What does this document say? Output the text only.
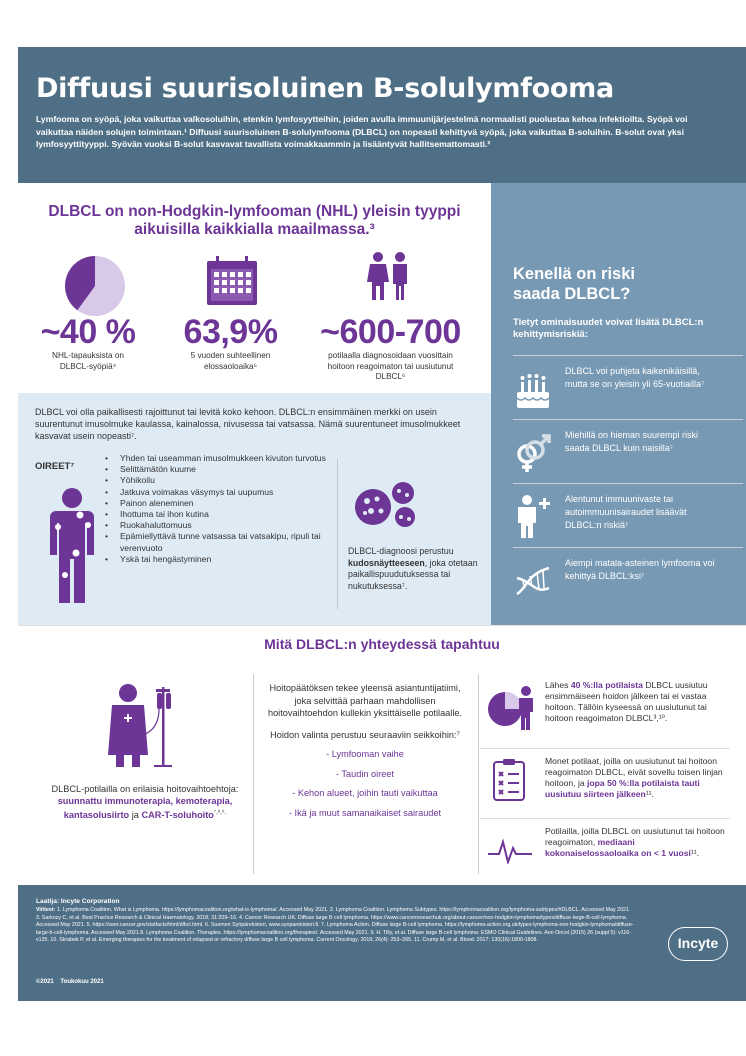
Diffuusi suurisoluinen B-solulymfooma

Lymfooma on syöpä, joka vaikuttaa valkosoluihin, etenkin lymfosyytteihin, joiden avulla immuunijärjestelmä normaalisti puolustaa kehoa infektioilta. Syöpä voi vaikuttaa näiden solujen toimintaan.¹ Diffuusi suurisoluinen B-solulymfooma (DLBCL) on nopeasti kehittyvä syöpä, joka vaikuttaa B-soluihin. B-solut ovat yksi lymfosyyttityyppi. Syövän vuoksi B-solut kasvavat tavallista voimakkaammin ja lisääntyvät hallitsemattomasti.²

DLBCL on non-Hodgkin-lymfooman (NHL) yleisin tyyppi aikuisilla kaikkialla maailmassa.³
~40 %
NHL-tapauksista on DLBCL-syöpiä⁴
63,9%
5 vuoden suhteellinen elossaoloaika⁵
~600-700
potilaalla diagnosoidaan vuosittain hoitoon reagoimaton tai uusiutunut DLBCL⁶
Kenellä on riski saada DLBCL?
Tietyt ominaisuudet voivat lisätä DLBCL:n kehittymisriskiä:
DLBCL voi puhjeta kaikenikäisillä, mutta se on yleisin yli 65-vuotiailla⁷
Miehillä on hieman suurempi riski saada DLBCL kuin naisilla⁷
Alentunut immuunivaste tai autoimmuunisairaudet lisäävät DLBCL:n riskiä⁷
Aiempi matala-asteinen lymfooma voi kehittyä DLBCL:ksi⁷
DLBCL voi olla paikallisesti rajoittunut tai levitä koko kehoon. DLBCL:n ensimmäinen merkki on usein suurentunut imusolmuke kaulassa, kainalossa, nivusessa tai vatsassa. Nämä suurentuneet imusolmukkeet kasvavat usein nopeasti⁷.
OIREET⁷
• Yhden tai useamman imusolmukkeen kivuton turvotus
• Selittämätön kuume
• Yöhikoilu
• Jatkuva voimakas väsymys tai uupumus
• Painon aleneminen
• Ihottuma tai ihon kutina
• Ruokahaluttomuus
• Epämiellyttävä tunne vatsassa tai vatsakipu, ripuli tai verenvuoto
• Yskä tai hengästyminen
DLBCL-diagnoosi perustuu kudosnäytteeseen, joka otetaan paikallispuudutuksessa tai nukutuksessa⁷.
Mitä DLBCL:n yhteydessä tapahtuu
DLBCL-potilailla on erilaisia hoitovaihtoehtoja:
suunnattu immunoterapia, kemoterapia, kantasolusiirto ja CAR-T-soluhoito$^{^7,^8,^9.}$
Hoitopäätöksen tekee yleensä asiantuntijatiimi, joka selvittää parhaan mahdollisen hoitovaihtoehdon kullekin yksittäiselle potilaalle.
Hoidon valinta perustuu seuraaviin seikkoihin:⁷
- Lymfooman vaihe
- Taudin oireet
- Kehon alueet, joihin tauti vaikuttaa
- Ikä ja muut samanaikaiset sairaudet
Lähes 40 %:lla potilaista DLBCL uusiutuu ensimmäiseen hoidon jälkeen tai ei vastaa hoitoon. Tällöin kyseessä on uusiutunut tai hoitoon reagoimaton DLBCL³,¹⁰.
Monet potilaat, joilla on uusiutunut tai hoitoon reagoimaton DLBCL, eivät sovellu toisen linjan hoitoon, ja jopa 50 %:lla potilaista tauti uusiutuu siirteen jälkeen¹¹.
Potilailla, joilla DLBCL on uusiutunut tai hoitoon reagoimaton, mediaani kokonaiselossaoloaika on < 1 vuosi¹¹.
Laatija: Incyte Corporation
Viitteet: 1. Lymphoma Coalition. What is Lymphoma. https://lymphomacoalition.org/what-is-lymphoma/. Accessed May 2021. 2. Lymphoma Coalition. Lymphoma Subtypes. https://lymphomacoalition.org/lymphoma-subtypes/#DLBCL. Accessed May 2021. 3. Sarkozy C, et al. Best Practice Research & Clinical Haematology. 2018; 31:209–16. 4. Cancer Research UK. Diffuse large B cell lymphoma. https://www.cancerresearchuk.org/about-cancer/non-hodgkin-lymphoma/types/diffuse-large-B-cell-lymphoma. Accessed May 2021. 5. https://seer.cancer.gov/statfacts/html/dlbcl.html. 6. Suomen Syöpärekisteri, www.syoparekisteri.fi. 7. Lymphoma Action. Diffuse large B-cell lymphoma. https://lymphoma-action.org.uk/types-lymphoma-non-hodgkin-lymphoma/diffuse-large-b-cell-lymphoma. Accessed May 2021.8. Lymphoma Coalition. Therapies. https://lymphomacoalition.org/therapies/. Accessed May 2021. 9. H. Tilly, et al. Diffuse large B-cell lymphoma: ESMO Clinical Guidelines. Ann Oncol (2015) 26 (suppl 5): v116-v125. 10. Skrabek P, et al. Emerging therapies for the treatment of relapsed or refractory diffuse large B cell lymphoma. Current Oncology. 2019; 26(4): 253–265. 11. Crump M, et al. Blood. 2017; 130(16):1800-1808.
©2021    Toukokuu 2021
Incyte
